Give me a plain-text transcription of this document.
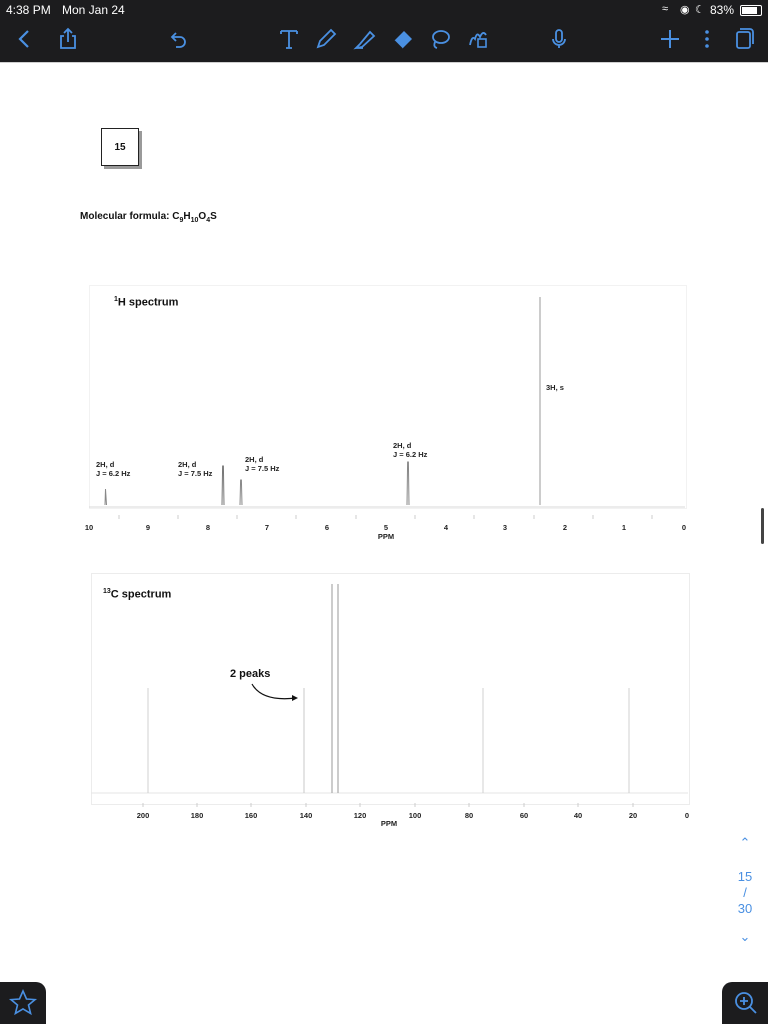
4:38 PM Mon Jan 24	≈ ◉ ☾ 83%
15
Molecular formula: $C_9H_{10}O_4S$
$^1$H spectrum
2H, d
J = 6.2 Hz
2H, d
J = 7.5 Hz
2H, d
J = 7.5 Hz
2H, d
J = 6.2 Hz
3H, s
10	9	8	7	6	5	4	3	2	1	0
PPM
$^{13}$C spectrum
2 peaks
200	180	160	140	120	100	80	60	40	20	0
PPM
⌃
15
/
30
⌄
